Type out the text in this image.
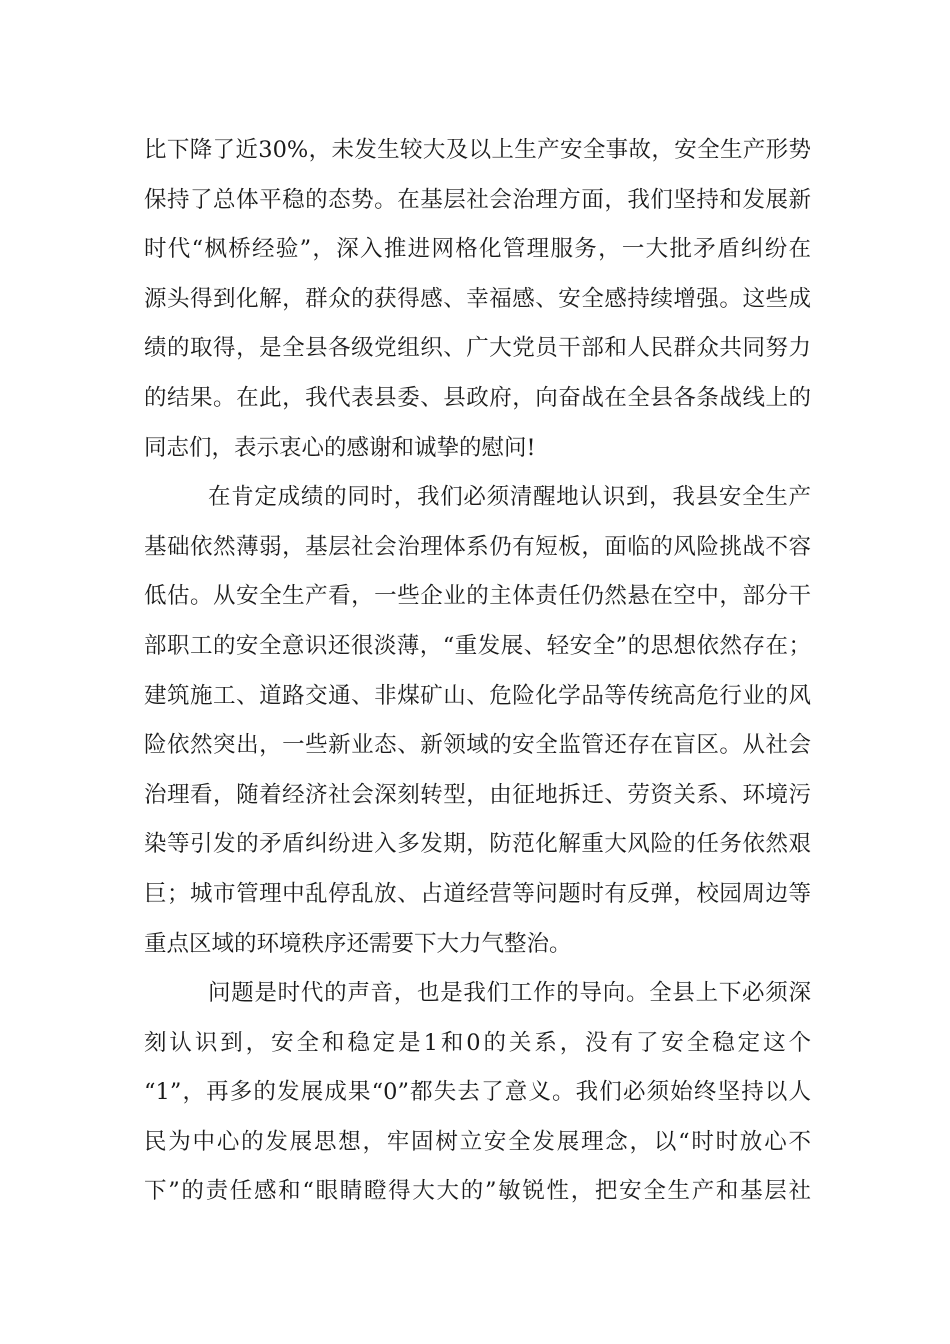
比下降了近30%，未发生较大及以上生产安全事故，安全生产形势
保持了总体平稳的态势。在基层社会治理方面，我们坚持和发展新
时代“枫桥经验”，深入推进网格化管理服务，一大批矛盾纠纷在
源头得到化解，群众的获得感、幸福感、安全感持续增强。这些成
绩的取得，是全县各级党组织、广大党员干部和人民群众共同努力
的结果。在此，我代表县委、县政府，向奋战在全县各条战线上的
同志们，表示衷心的感谢和诚挚的慰问!
在肯定成绩的同时，我们必须清醒地认识到，我县安全生产
基础依然薄弱，基层社会治理体系仍有短板，面临的风险挑战不容
低估。从安全生产看，一些企业的主体责任仍然悬在空中，部分干
部职工的安全意识还很淡薄，“重发展、轻安全”的思想依然存在；
建筑施工、道路交通、非煤矿山、危险化学品等传统高危行业的风
险依然突出，一些新业态、新领域的安全监管还存在盲区。从社会
治理看，随着经济社会深刻转型，由征地拆迁、劳资关系、环境污
染等引发的矛盾纠纷进入多发期，防范化解重大风险的任务依然艰
巨；城市管理中乱停乱放、占道经营等问题时有反弹，校园周边等
重点区域的环境秩序还需要下大力气整治。
问题是时代的声音，也是我们工作的导向。全县上下必须深
刻认识到，安全和稳定是1和0的关系，没有了安全稳定这个
“1”，再多的发展成果“0”都失去了意义。我们必须始终坚持以人
民为中心的发展思想，牢固树立安全发展理念，以“时时放心不
下”的责任感和“眼睛瞪得大大的”敏锐性，把安全生产和基层社
